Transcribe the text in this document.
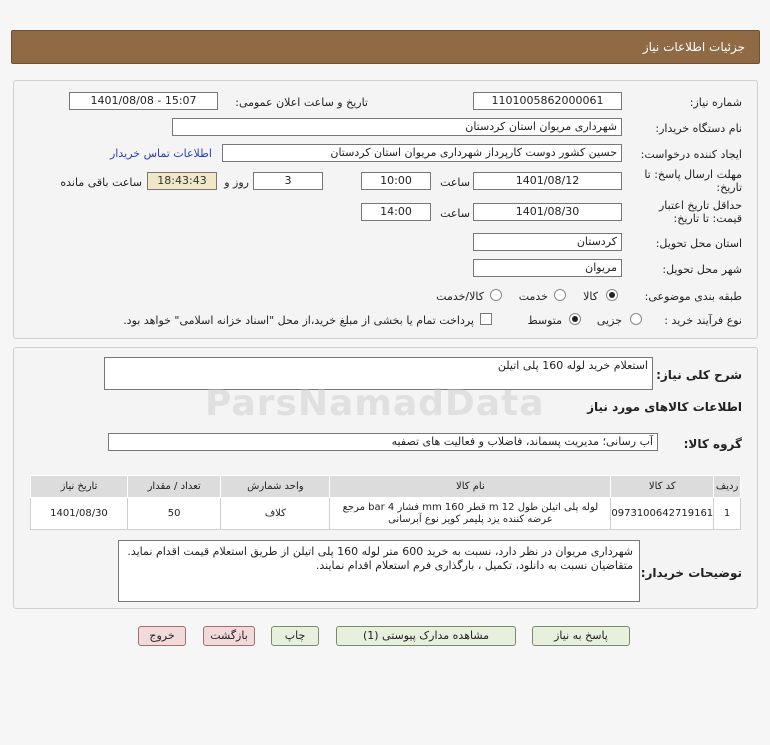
جزئیات اطلاعات نیاز
شماره نیاز:
1101005862000061
تاریخ و ساعت اعلان عمومی:
1401/08/08 - 15:07
نام دستگاه خریدار:
شهرداری مریوان استان کردستان
ایجاد کننده درخواست:
حسین کشور دوست کارپرداز شهرداری مریوان استان کردستان
اطلاعات تماس خریدار
مهلت ارسال پاسخ: تا
تاریخ:
1401/08/12
ساعت
10:00
3
روز و
18:43:43
ساعت باقی مانده
حداقل تاریخ اعتبار
قیمت: تا تاریخ:
1401/08/30
ساعت
14:00
استان محل تحویل:
کردستان
شهر محل تحویل:
مریوان
طبقه بندی موضوعی:
کالا
خدمت
کالا/خدمت
نوع فرآیند خرید :
جزیی
متوسط
پرداخت تمام یا بخشی از مبلغ خرید،از محل "اسناد خزانه اسلامی" خواهد بود.
شرح کلی نیاز:
استعلام خرید لوله 160 پلی اتیلن
اطلاعات کالاهای مورد نیاز
گروه کالا:
آب رسانی؛ مدیریت پسماند، فاضلاب و فعالیت های تصفیه
تاریخ نیاز	تعداد / مقدار	واحد شمارش	نام کالا	کد کالا	ردیف
1401/08/30	50	کلاف	لوله پلی اتیلن طول 12 m قطر 160 mm فشار 4 bar مرجع
عرضه کننده یزد پلیمر کویر نوع آبرسانی	0973100642719161	1
توضیحات خریدار:
شهرداری مریوان در نظر دارد، نسبت به خرید 600 متر لوله 160 پلی اتیلن از طریق استعلام قیمت اقدام نماید. متقاضیان نسبت به دانلود، تکمیل ، بارگذاری فرم استعلام اقدام نمایند.
پاسخ به نیاز
مشاهده مدارک پیوستی (1)
چاپ
بازگشت
خروج
ParsNamadData
